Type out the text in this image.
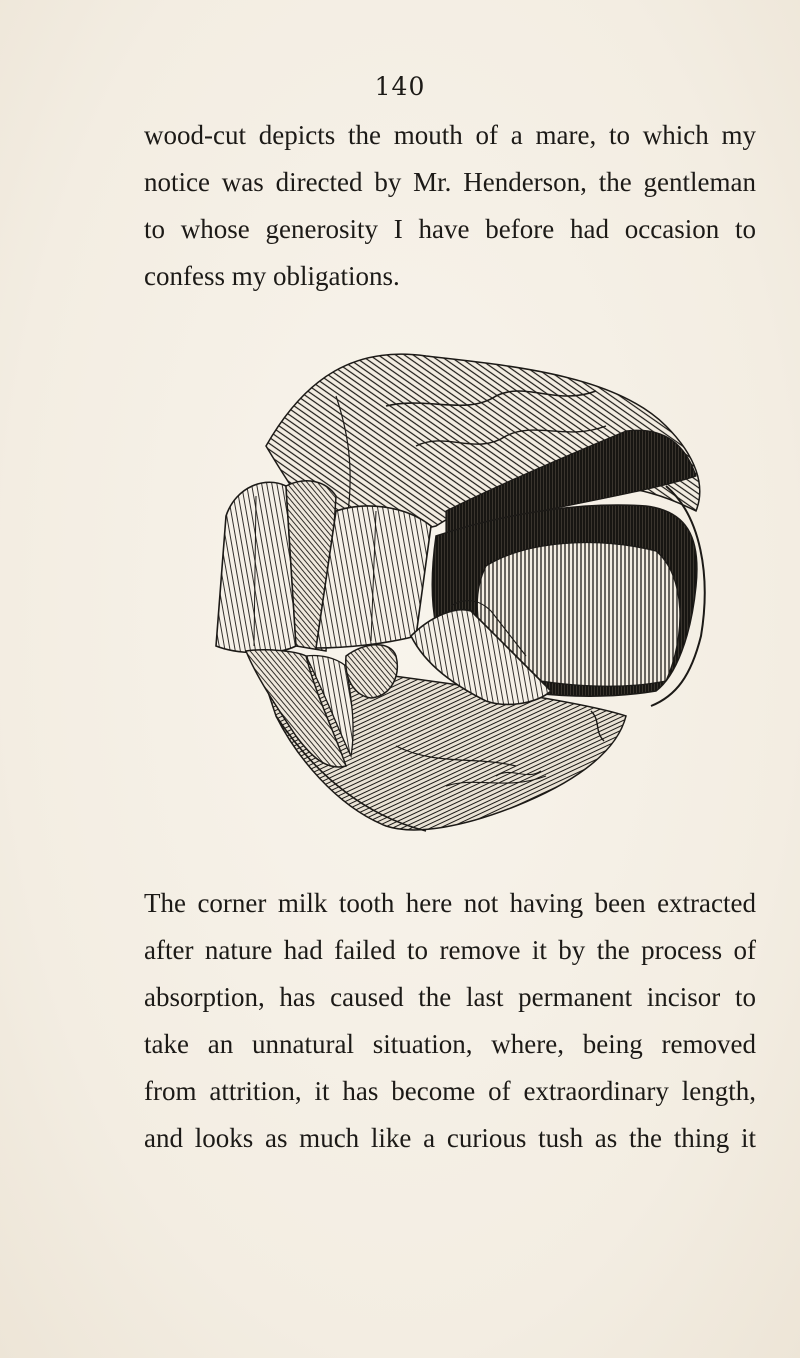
140
wood-cut depicts the mouth of a mare, to which my
notice was directed by Mr. Henderson, the gentleman
to whose generosity I have before had occasion to
confess my obligations.
The corner milk tooth here not having been extracted
after nature had failed to remove it by the process of
absorption, has caused the last permanent incisor to
take an unnatural situation, where, being removed
from attrition, it has become of extraordinary length,
and looks as much like a curious tush as the thing it
